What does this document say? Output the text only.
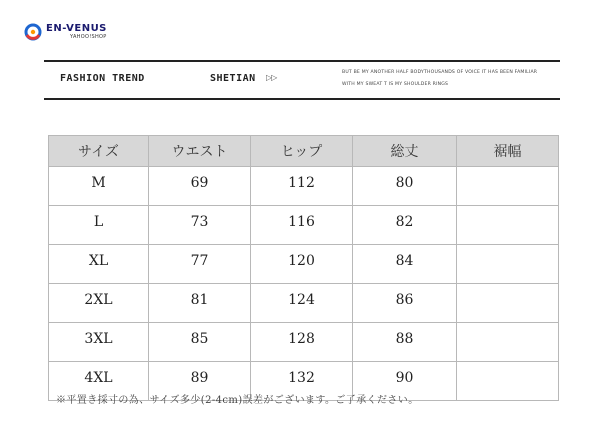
EN-VENUS
YAHOO!SHOP
FASHION TREND	SHETIAN ▷▷
BUT BE MY ANOTHER HALF BODYTHOUSANDS OF VOICE IT HAS BEEN FAMILIAR
WITH MY SWEAT T IS MY SHOULDER RINGS
サイズ	ウエスト	ヒップ	総丈	裾幅
M	69	112	80	
L	73	116	82	
XL	77	120	84	
2XL	81	124	86	
3XL	85	128	88	
4XL	89	132	90	
※平置き採寸の為、サイズ多少(2-4cm)誤差がございます。ご了承ください。
